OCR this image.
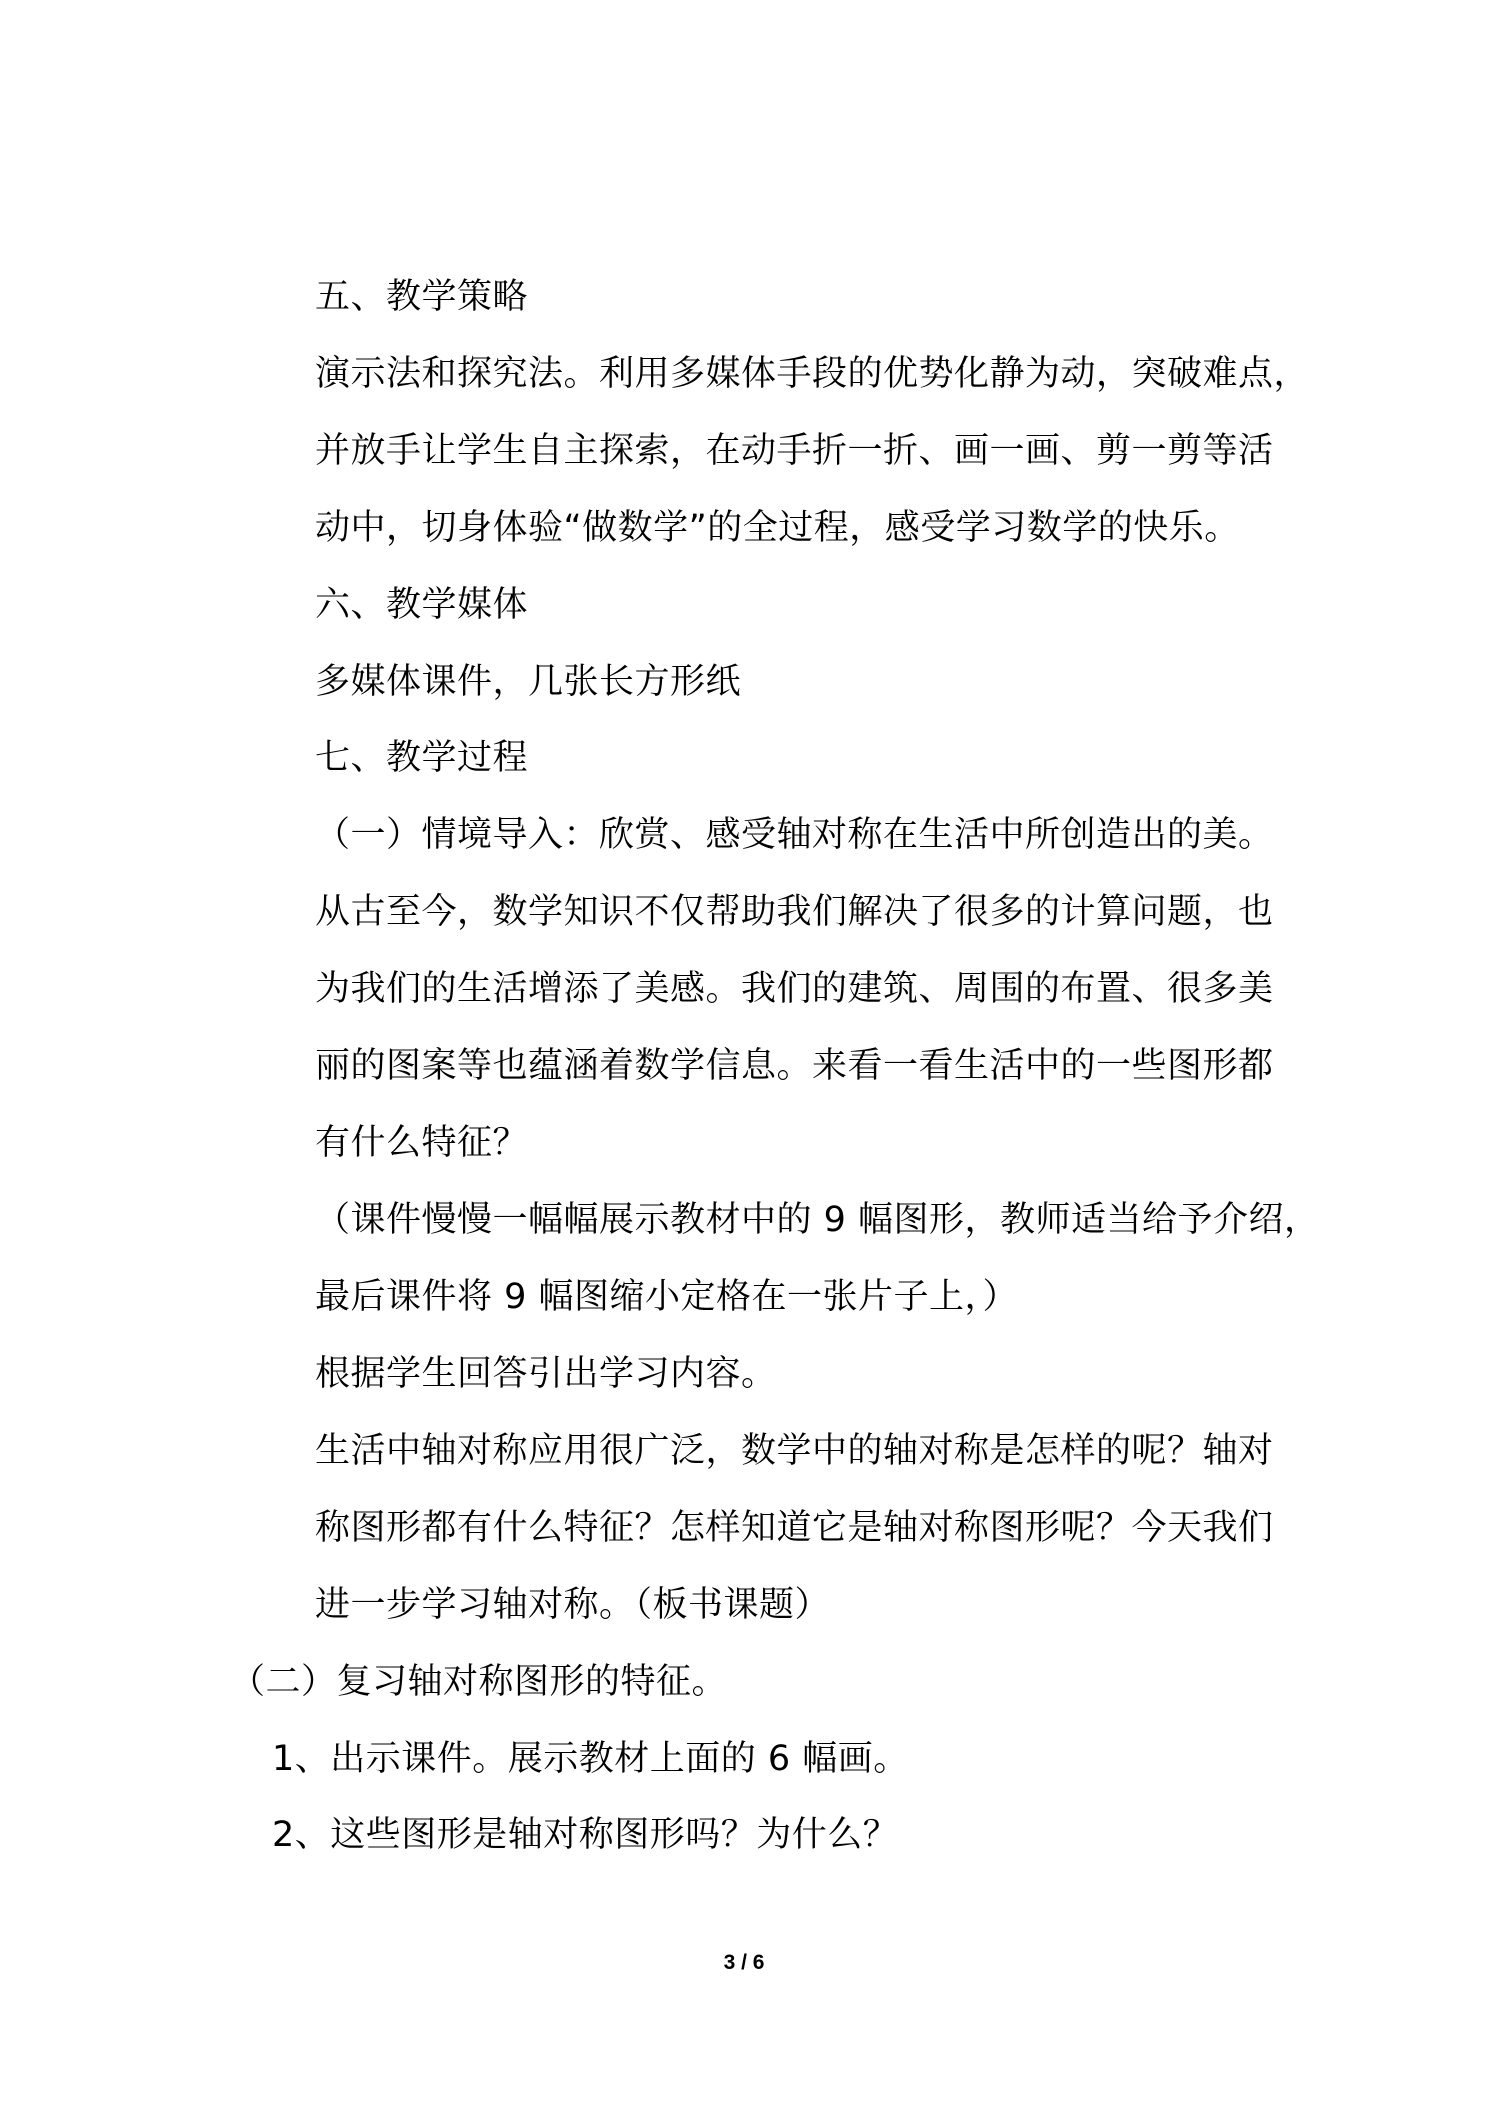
五、教学策略
演示法和探究法。利用多媒体手段的优势化静为动，突破难点，
并放手让学生自主探索，在动手折一折、画一画、剪一剪等活
动中，切身体验“做数学”的全过程，感受学习数学的快乐。
六、教学媒体
多媒体课件，几张长方形纸
七、教学过程
（一）情境导入：欣赏、感受轴对称在生活中所创造出的美。
从古至今，数学知识不仅帮助我们解决了很多的计算问题，也
为我们的生活增添了美感。我们的建筑、周围的布置、很多美
丽的图案等也蕴涵着数学信息。来看一看生活中的一些图形都
有什么特征？
（课件慢慢一幅幅展示教材中的 9 幅图形，教师适当给予介绍，
最后课件将 9 幅图缩小定格在一张片子上，）
根据学生回答引出学习内容。
生活中轴对称应用很广泛，数学中的轴对称是怎样的呢？轴对
称图形都有什么特征？怎样知道它是轴对称图形呢？今天我们
进一步学习轴对称。（板书课题）
（二）复习轴对称图形的特征。
1、出示课件。展示教材上面的 6 幅画。
2、这些图形是轴对称图形吗？为什么？
3 / 6
